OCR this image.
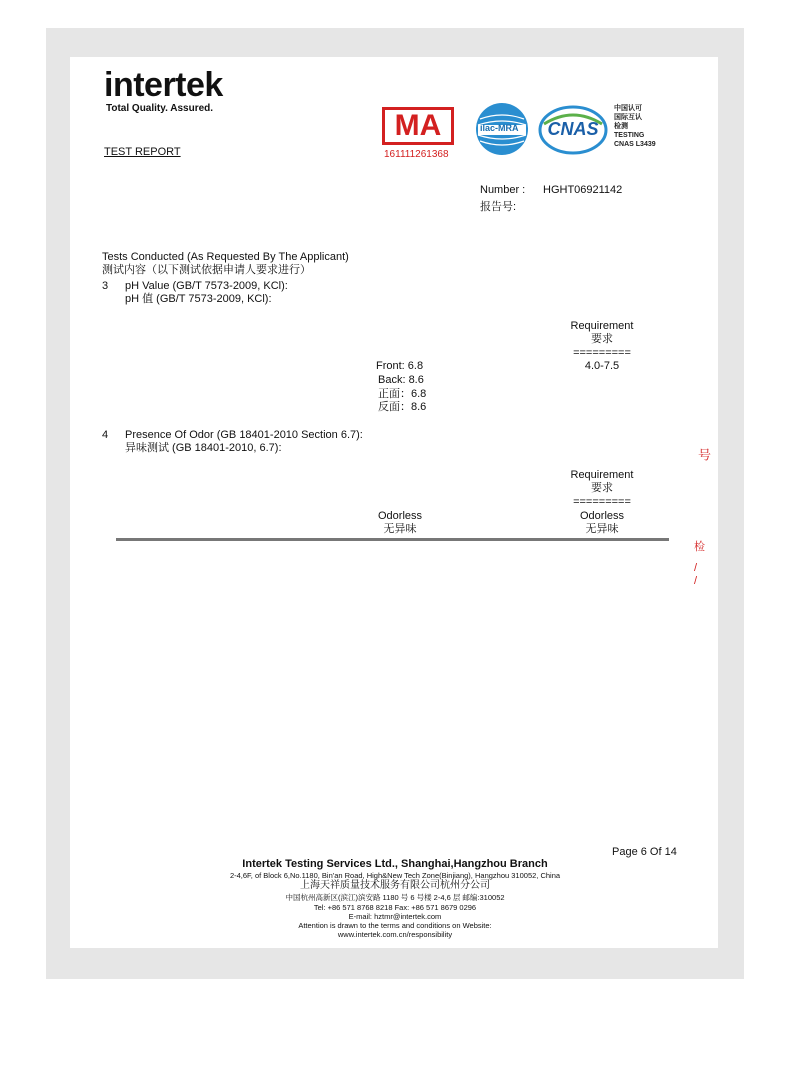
intertek
Total Quality. Assured.
TEST REPORT
MA
161111261368
ilac-MRA	CNAS
中国认可
国际互认
检测
TESTING
CNAS L3439
Number : HGHT06921142
报告号:
Tests Conducted (As Requested By The Applicant)
测试内容（以下测试依据申请人要求进行）
3 pH Value (GB/T 7573-2009, KCl):
pH 值 (GB/T 7573-2009, KCl):
Requirement
要求
=========
4.0-7.5
Front: 6.8
Back: 8.6
正面：6.8
反面：8.6
4 Presence Of Odor (GB 18401-2010 Section 6.7):
异味测试 (GB 18401-2010, 6.7):
Requirement
要求
=========
Odorless
无异味
Odorless
无异味
号
检
/
/
Page 6 Of 14
Intertek Testing Services Ltd., Shanghai,Hangzhou Branch
2-4,6F, of Block 6,No.1180, Bin'an Road, High&New Tech Zone(Binjiang), Hangzhou 310052, China
上海天祥质量技术服务有限公司杭州分公司
中国杭州高新区(滨江)滨安路 1180 号 6 号楼 2-4,6 层 邮编:310052
Tel: +86 571 8768 8218 Fax: +86 571 8679 0296
E-mail: hztmr@intertek.com
Attention is drawn to the terms and conditions on Website:
www.intertek.com.cn/responsibility
